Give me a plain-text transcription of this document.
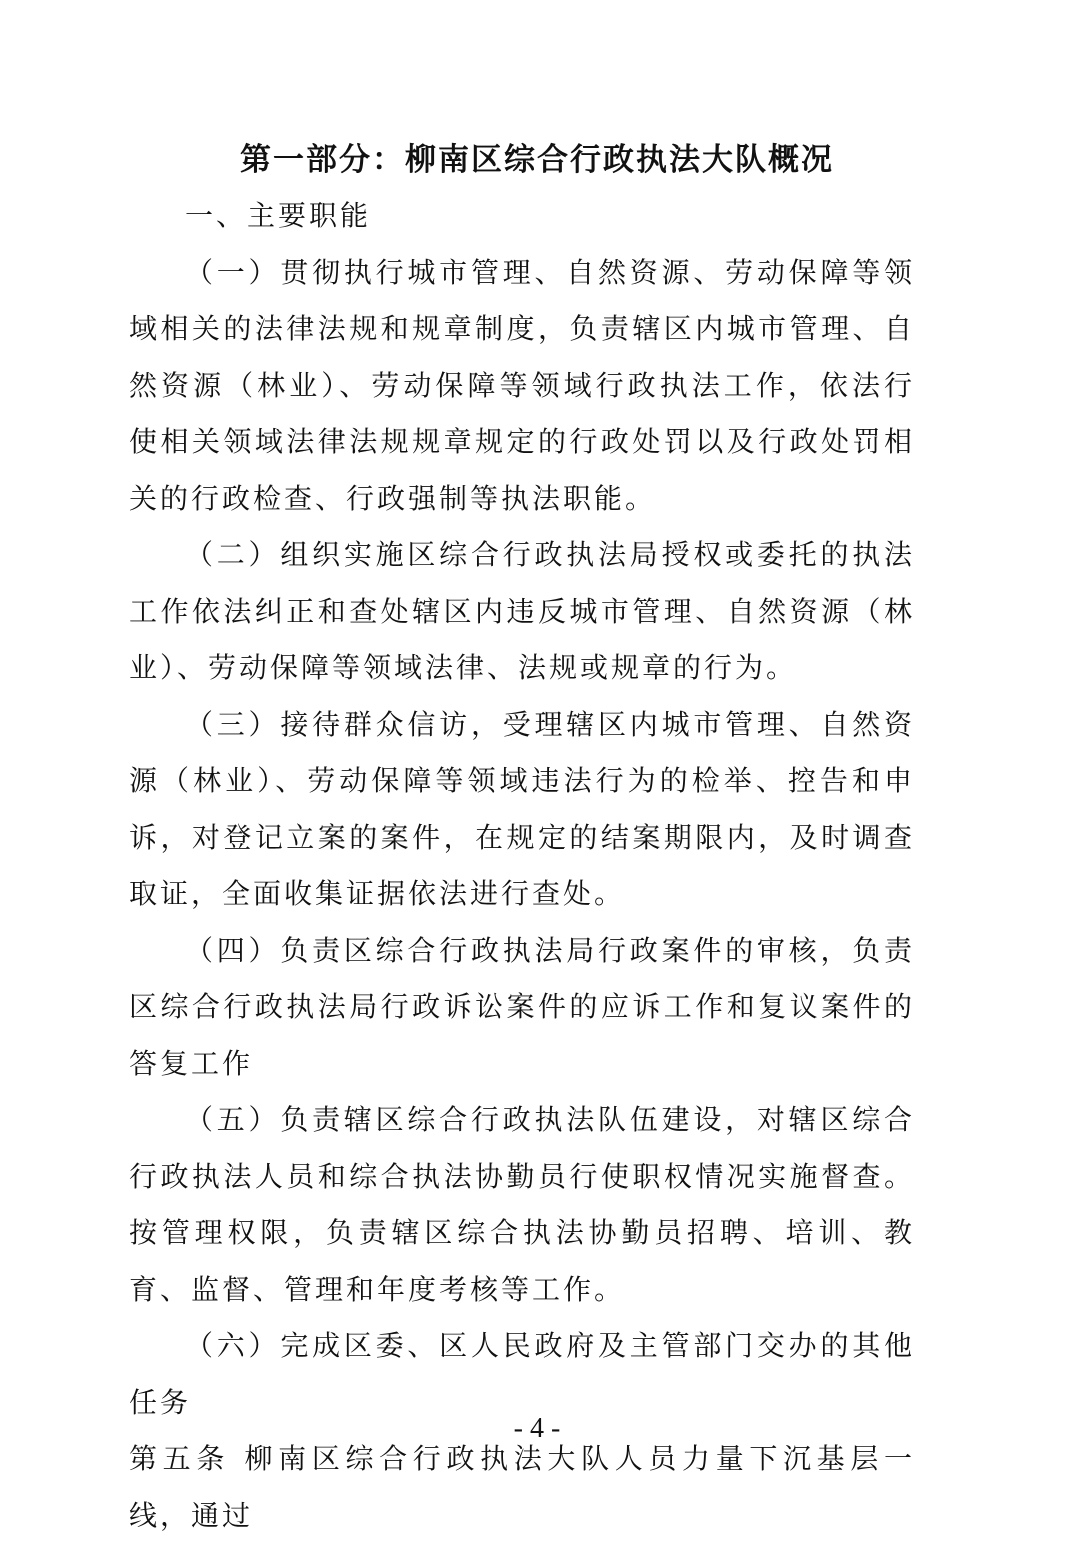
第一部分：柳南区综合行政执法大队概况

一、主要职能

（一）贯彻执行城市管理、自然资源、劳动保障等领域相关的法律法规和规章制度，负责辖区内城市管理、自然资源（林业）、劳动保障等领域行政执法工作，依法行使相关领域法律法规规章规定的行政处罚以及行政处罚相关的行政检查、行政强制等执法职能。

（二）组织实施区综合行政执法局授权或委托的执法工作依法纠正和查处辖区内违反城市管理、自然资源（林业）、劳动保障等领域法律、法规或规章的行为。

（三）接待群众信访，受理辖区内城市管理、自然资源（林业）、劳动保障等领域违法行为的检举、控告和申诉，对登记立案的案件，在规定的结案期限内，及时调查取证，全面收集证据依法进行查处。

（四）负责区综合行政执法局行政案件的审核，负责区综合行政执法局行政诉讼案件的应诉工作和复议案件的答复工作

（五）负责辖区综合行政执法队伍建设，对辖区综合行政执法人员和综合执法协勤员行使职权情况实施督查。按管理权限，负责辖区综合执法协勤员招聘、培训、教育、监督、管理和年度考核等工作。

（六）完成区委、区人民政府及主管部门交办的其他任务

第五条 柳南区综合行政执法大队人员力量下沉基层一线，通过

- 4 -
